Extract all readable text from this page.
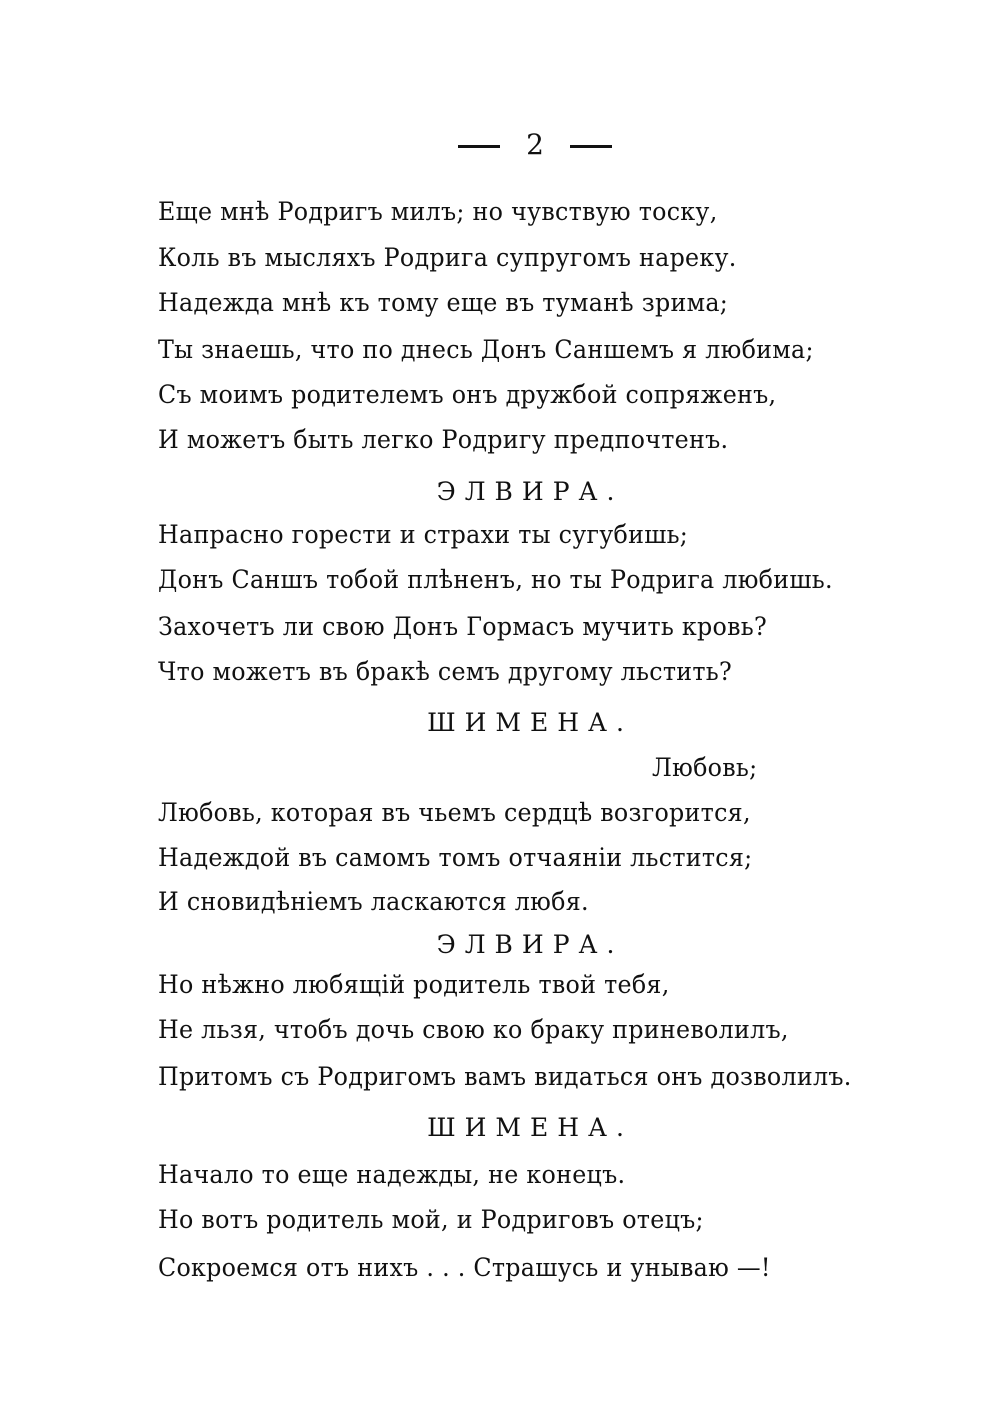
2
Еще мнѣ Родригъ милъ; но чувствую тоску,
Коль въ мысляхъ Родрига супругомъ нареку.
Надежда мнѣ къ тому еще въ туманѣ зрима;
Ты знаешь, что по днесь Донъ Саншемъ я любима;
Съ моимъ родителемъ онъ дружбой сопряженъ,
И можетъ быть легко Родригу предпочтенъ.
ЭЛВИРА.
Напрасно горести и страхи ты сугубишь;
Донъ Саншъ тобой плѣненъ, но ты Родрига любишь.
Захочетъ ли свою Донъ Гормасъ мучить кровь?
Что можетъ въ бракѣ семъ другому льстить?
ШИМЕНА.
Любовь;
Любовь, которая въ чьемъ сердцѣ возгорится,
Надеждой въ самомъ томъ отчаяніи льстится;
И сновидѣніемъ ласкаются любя.
ЭЛВИРА.
Но нѣжно любящій родитель твой тебя,
Не льзя, чтобъ дочь свою ко браку приневолилъ,
Притомъ съ Родригомъ вамъ видаться онъ дозволилъ.
ШИМЕНА.
Начало то еще надежды, не конецъ.
Но вотъ родитель мой, и Родриговъ отецъ;
Сокроемся отъ нихъ . . . Страшусь и унываю —!
